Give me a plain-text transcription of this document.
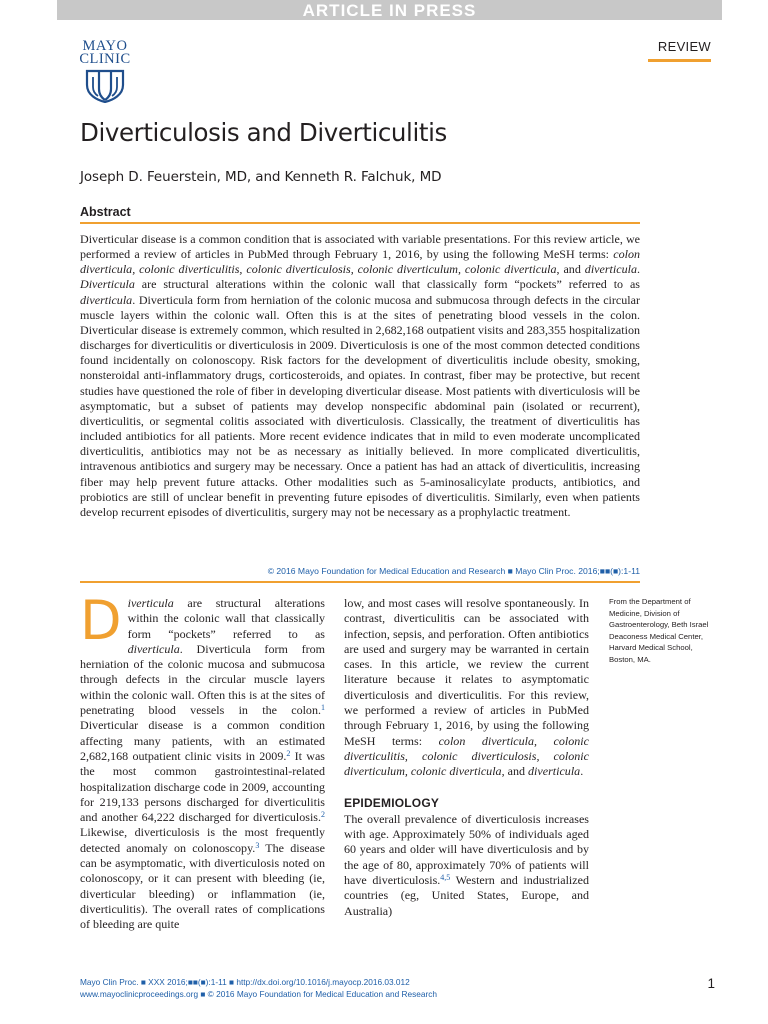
ARTICLE IN PRESS
MAYO
CLINIC
REVIEW
Diverticulosis and Diverticulitis
Joseph D. Feuerstein, MD, and Kenneth R. Falchuk, MD
Abstract
Diverticular disease is a common condition that is associated with variable presentations. For this review article, we performed a review of articles in PubMed through February 1, 2016, by using the following MeSH terms: colon diverticula, colonic diverticulitis, colonic diverticulosis, colonic diverticulum, colonic diverticula, and diverticula. Diverticula are structural alterations within the colonic wall that classically form “pockets” referred to as diverticula. Diverticula form from herniation of the colonic mucosa and submucosa through defects in the circular muscle layers within the colonic wall. Often this is at the sites of penetrating blood vessels in the colon. Diverticular disease is extremely common, which resulted in 2,682,168 outpatient visits and 283,355 hospitalization discharges for diverticulitis or diverticulosis in 2009. Diverticulosis is one of the most common detected conditions found incidentally on colonoscopy. Risk factors for the development of diverticulitis include obesity, smoking, nonsteroidal anti-inflammatory drugs, corticosteroids, and opiates. In contrast, fiber may be protective, but recent studies have questioned the role of fiber in developing diverticular disease. Most patients with diverticulosis will be asymptomatic, but a subset of patients may develop nonspecific abdominal pain (isolated or recurrent), diverticulitis, or segmental colitis associated with diverticulosis. Classically, the treatment of diverticulitis has included antibiotics for all patients. More recent evidence indicates that in mild to even moderate uncomplicated diverticulitis, antibiotics may not be as necessary as initially believed. In more complicated diverticulitis, intravenous antibiotics and surgery may be necessary. Once a patient has had an attack of diverticulitis, increasing fiber may help prevent future attacks. Other modalities such as 5-aminosalicylate products, antibiotics, and probiotics are still of unclear benefit in preventing future episodes of diverticulitis. Similarly, even when patients develop recurrent episodes of diverticulitis, surgery may not be necessary as a prophylactic treatment.
© 2016 Mayo Foundation for Medical Education and Research ■ Mayo Clin Proc. 2016;■■(■):1-11
Diverticula are structural alterations within the colonic wall that classically form “pockets” referred to as diverticula. Diverticula form from herniation of the colonic mucosa and submucosa through defects in the circular muscle layers within the colonic wall. Often this is at the sites of penetrating blood vessels in the colon.$^1$ Diverticular disease is a common condition affecting many patients, with an estimated 2,682,168 outpatient clinic visits in 2009.$^2$ It was the most common gastrointestinal-related hospitalization discharge code in 2009, accounting for 219,133 persons discharged for diverticulitis and another 64,222 discharged for diverticulosis.$^2$ Likewise, diverticulosis is the most frequently detected anomaly on colonoscopy.$^3$ The disease can be asymptomatic, with diverticulosis noted on colonoscopy, or it can present with bleeding (ie, diverticular bleeding) or inflammation (ie, diverticulitis). The overall rates of complications of bleeding are quite

low, and most cases will resolve spontaneously. In contrast, diverticulitis can be associated with infection, sepsis, and perforation. Often antibiotics are used and surgery may be warranted in certain cases. In this article, we review the current literature because it relates to asymptomatic diverticulosis and diverticulitis. For this review, we performed a review of articles in PubMed through February 1, 2016, by using the following MeSH terms: colon diverticula, colonic diverticulitis, colonic diverticulosis, colonic diverticulum, colonic diverticula, and diverticula.

EPIDEMIOLOGY

The overall prevalence of diverticulosis increases with age. Approximately 50% of individuals aged 60 years and older will have diverticulosis and by the age of 80, approximately 70% of patients will have diverticulosis.$^{4,5}$ Western and industrialized countries (eg, United States, Europe, and Australia)

From the Department of Medicine, Division of Gastroenterology, Beth Israel Deaconess Medical Center, Harvard Medical School, Boston, MA.
Mayo Clin Proc. ■ XXX 2016;■■(■):1-11 ■ http://dx.doi.org/10.1016/j.mayocp.2016.03.012
www.mayoclinicproceedings.org ■ © 2016 Mayo Foundation for Medical Education and Research
1
